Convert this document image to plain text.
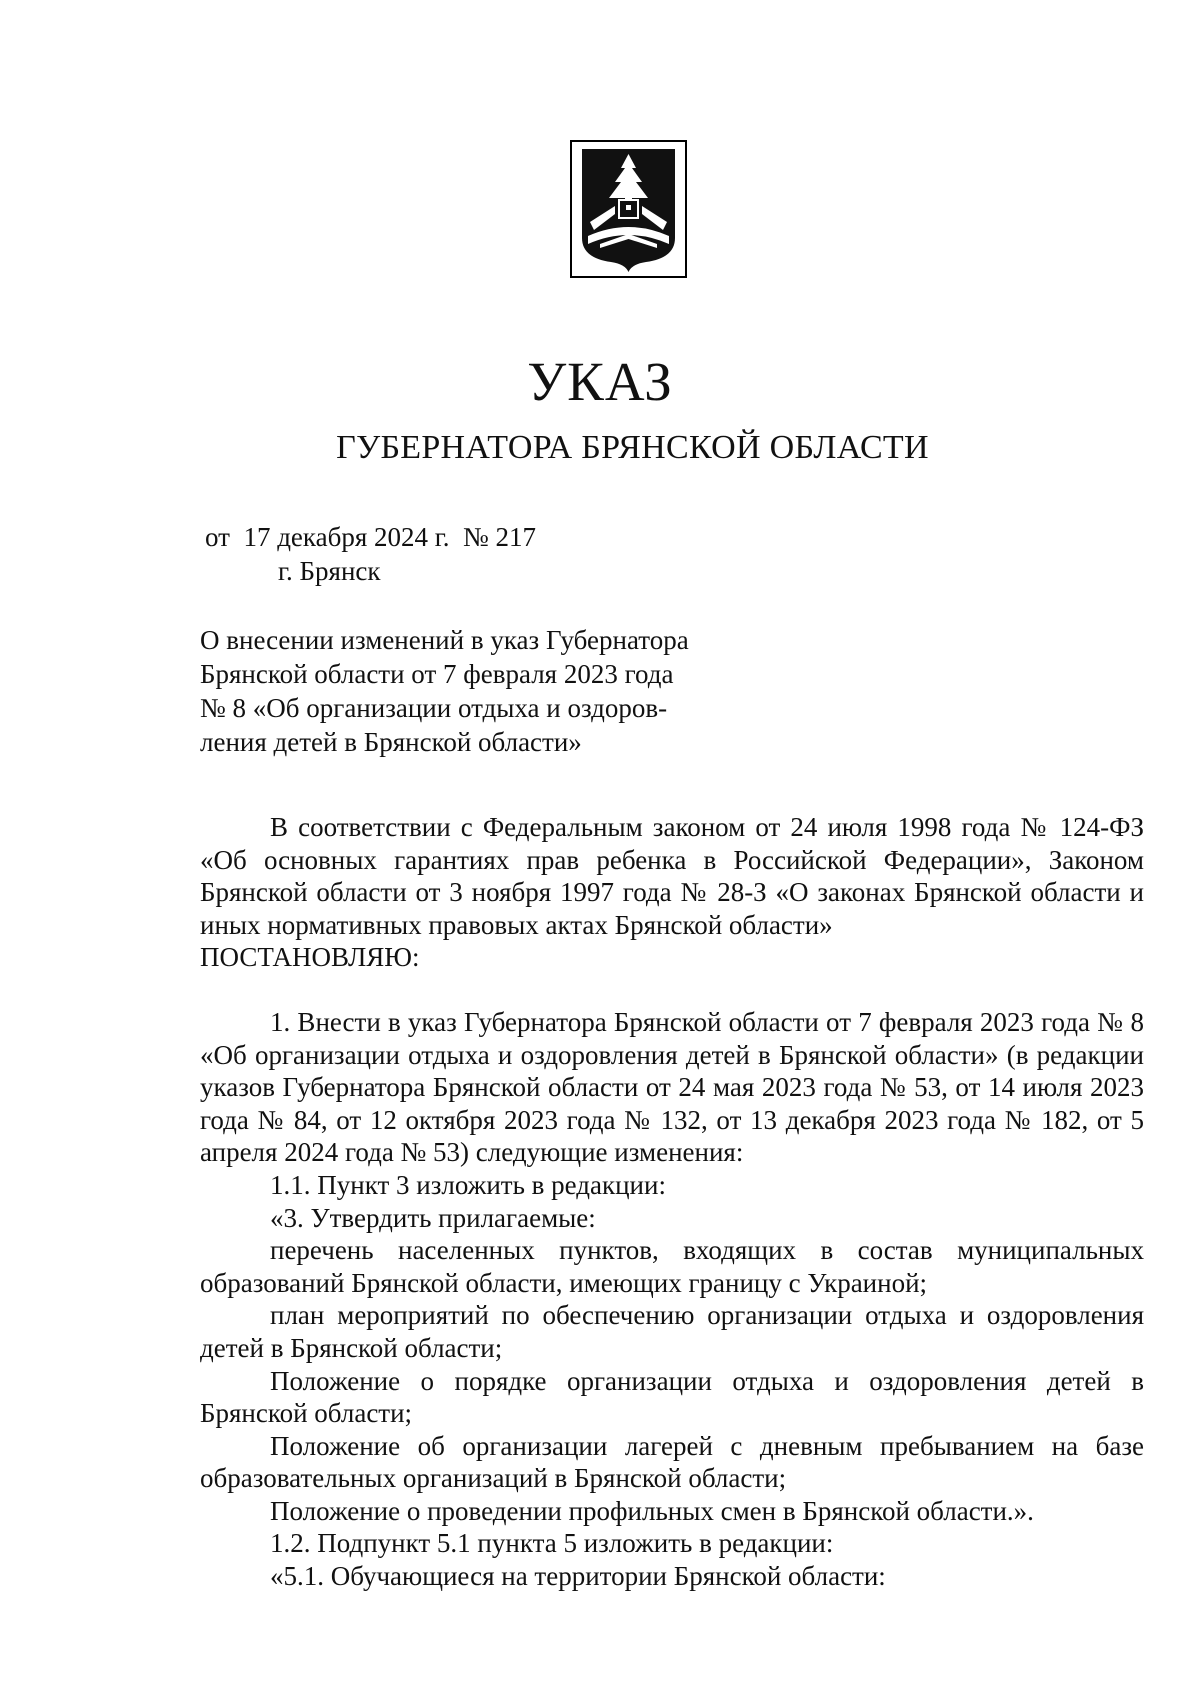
УКАЗ
ГУБЕРНАТОРА БРЯНСКОЙ ОБЛАСТИ
от  17 декабря 2024 г.  № 217
г. Брянск
О внесении изменений в указ Губернатора
Брянской области от 7 февраля 2023 года
№ 8 «Об организации отдыха и оздоров-
ления детей в Брянской области»

В соответствии с Федеральным законом от 24 июля 1998 года № 124-ФЗ «Об основных гарантиях прав ребенка в Российской Федерации», Законом Брянской области от 3 ноября 1997 года № 28-З «О законах Брянской области и иных нормативных правовых актах Брянской области»

ПОСТАНОВЛЯЮ:

1. Внести в указ Губернатора Брянской области от 7 февраля 2023 года № 8 «Об организации отдыха и оздоровления детей в Брянской области» (в редакции указов Губернатора Брянской области от 24 мая 2023 года № 53, от 14 июля 2023 года № 84, от 12 октября 2023 года № 132, от 13 декабря 2023 года № 182, от 5 апреля 2024 года № 53) следующие изменения:

1.1. Пункт 3 изложить в редакции:

«3. Утвердить прилагаемые:

перечень населенных пунктов, входящих в состав муниципальных образований Брянской области, имеющих границу с Украиной;

план мероприятий по обеспечению организации отдыха и оздоровления детей в Брянской области;

Положение о порядке организации отдыха и оздоровления детей в Брянской области;

Положение об организации лагерей с дневным пребыванием на базе образовательных организаций в Брянской области;

Положение о проведении профильных смен в Брянской области.».

1.2. Подпункт 5.1 пункта 5 изложить в редакции:

«5.1. Обучающиеся на территории Брянской области:
